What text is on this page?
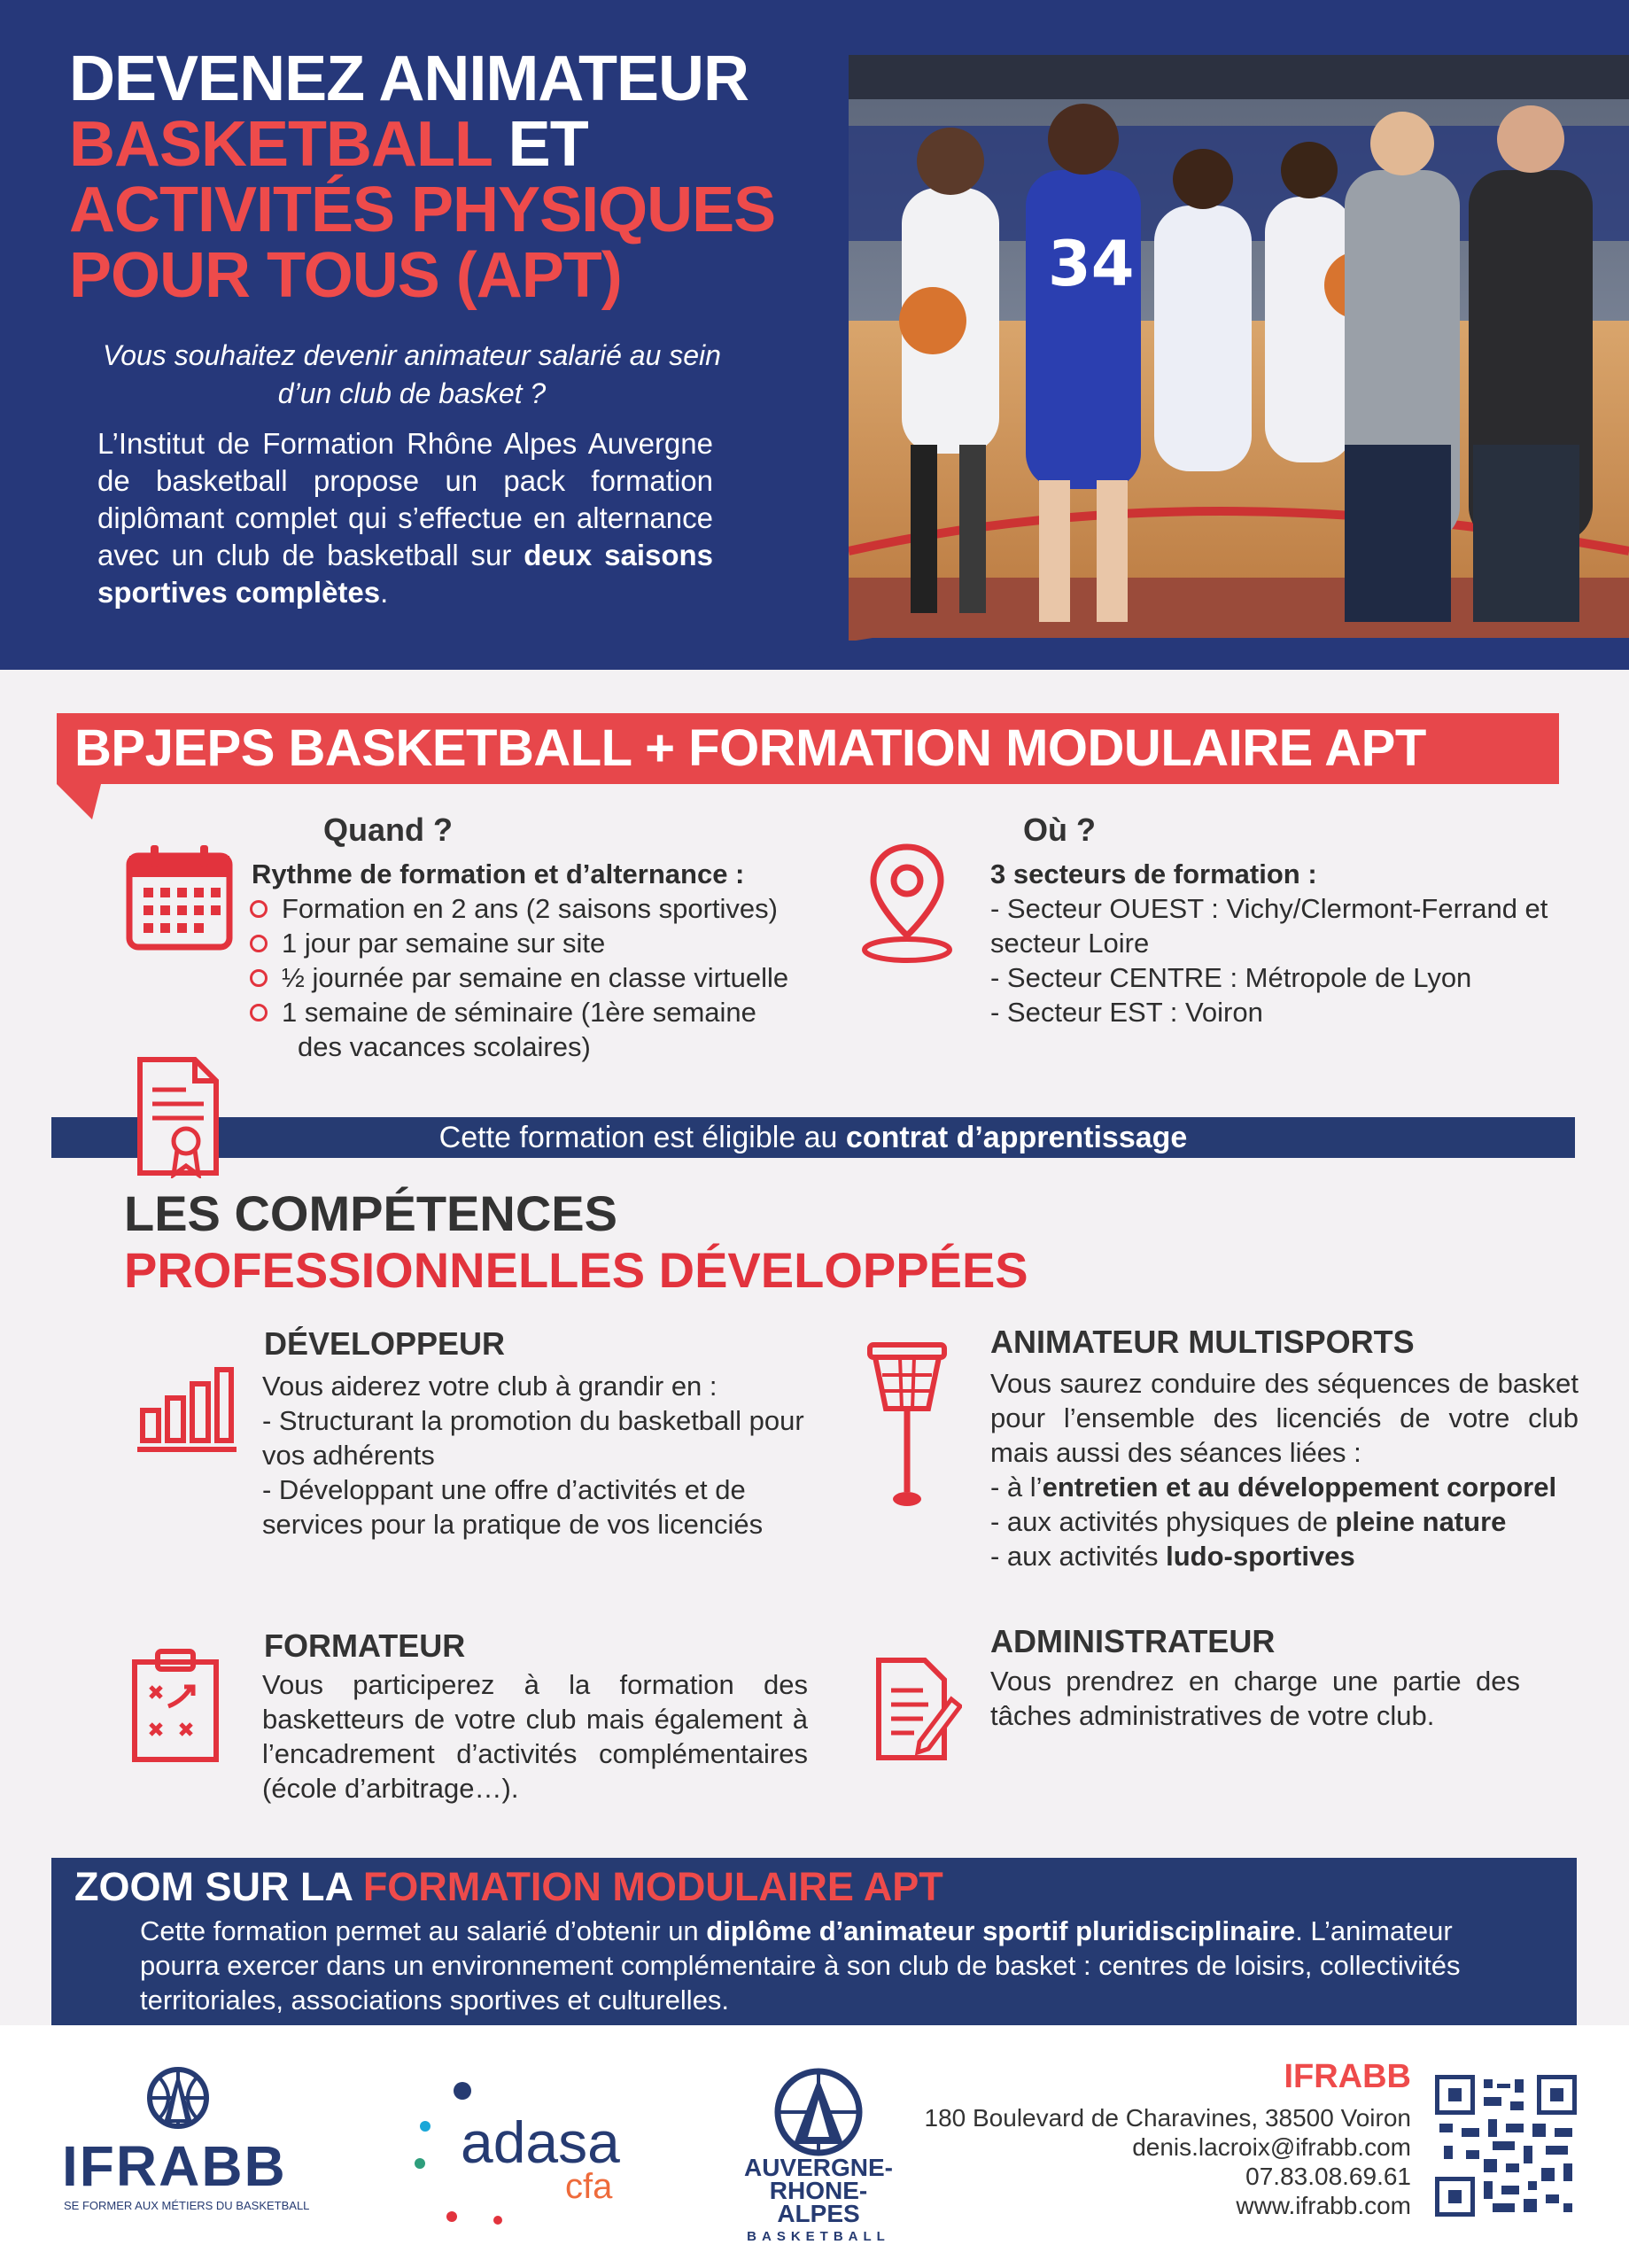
34
DEVENEZ ANIMATEUR
BASKETBALL ET
ACTIVITÉS PHYSIQUES
POUR TOUS (APT)
Vous souhaitez devenir animateur salarié au sein d’un club de basket ?
L’Institut de Formation Rhône Alpes Auvergne de basketball propose un pack formation diplômant complet qui s’effectue en alternance avec un club de basketball sur deux saisons sportives complètes.
BPJEPS BASKETBALL + FORMATION MODULAIRE APT
Quand ?
Rythme de formation et d’alternance :
Formation en 2 ans (2 saisons sportives)
1 jour par semaine sur site
½ journée par semaine en classe virtuelle
1 semaine de séminaire (1ère semaine
des vacances scolaires)
Où ?
3 secteurs de formation :
- Secteur OUEST : Vichy/Clermont-Ferrand et secteur Loire
- Secteur CENTRE : Métropole de Lyon
- Secteur EST : Voiron
Cette formation est éligible au contrat d’apprentissage
LES COMPÉTENCES
PROFESSIONNELLES DÉVELOPPÉES
DÉVELOPPEUR
Vous aiderez votre club à grandir en :
- Structurant la promotion du basketball pour vos adhérents
- Développant une offre d’activités et de services pour la pratique de vos licenciés
ANIMATEUR MULTISPORTS
Vous saurez conduire des séquences de basket pour l’ensemble des licenciés de votre club mais aussi des séances liées :
- à l’entretien et au développement corporel
- aux activités physiques de pleine nature
- aux activités ludo-sportives
FORMATEUR
Vous participerez à la formation des basketteurs de votre club mais également à l’encadrement d’activités complémentaires (école d’arbitrage…).
ADMINISTRATEUR
Vous prendrez en charge une partie des tâches administratives de votre club.
ZOOM SUR LA FORMATION MODULAIRE APT
Cette formation permet au salarié d’obtenir un diplôme d’animateur sportif pluridisciplinaire. L’animateur pourra exercer dans un environnement complémentaire à son club de basket : centres de loisirs, collectivités territoriales, associations sportives et culturelles.
IFRABB
SE FORMER AUX MÉTIERS DU BASKETBALL
adasa
cfa	AUVERGNE-
RHONE-ALPES
BASKETBALL
IFRABB
180 Boulevard de Charavines, 38500 Voiron
denis.lacroix@ifrabb.com
07.83.08.69.61
www.ifrabb.com
